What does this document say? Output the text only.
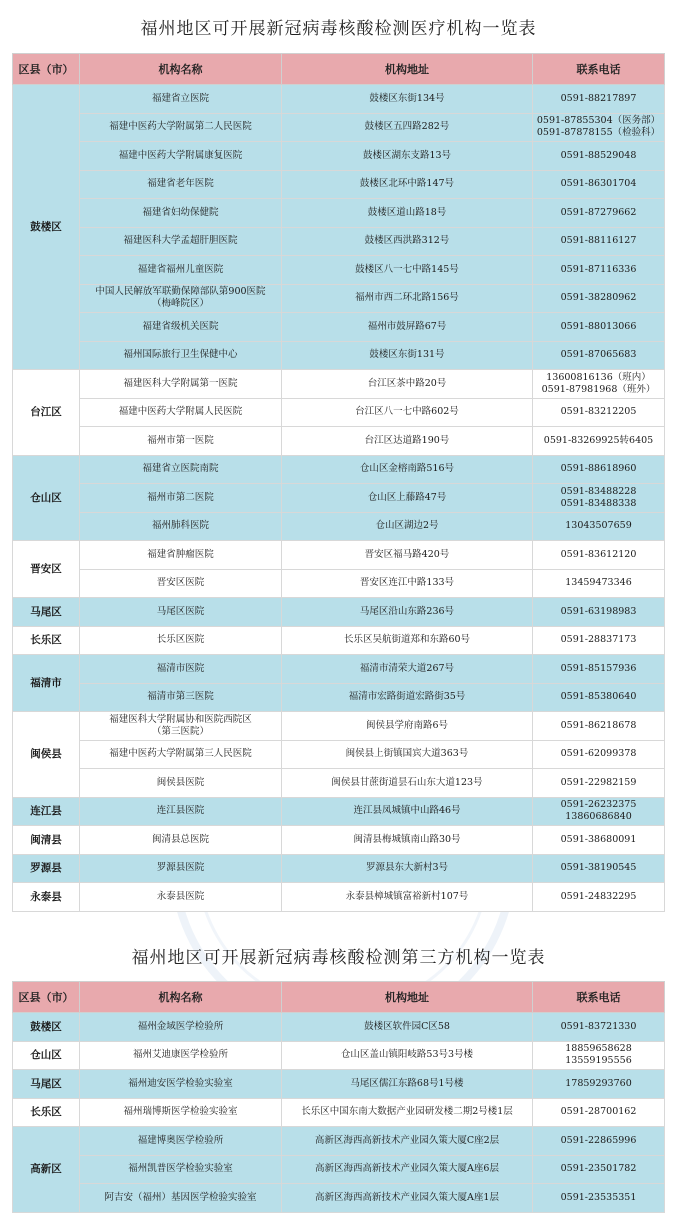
福州地区可开展新冠病毒核酸检测医疗机构一览表
区县（市）	机构名称	机构地址	联系电话
鼓楼区	福建省立医院	鼓楼区东街134号	0591-88217897
	福建中医药大学附属第二人民医院	鼓楼区五四路282号	0591-87855304（医务部）
0591-87878155（检验科）
	福建中医药大学附属康复医院	鼓楼区湖东支路13号	0591-88529048
	福建省老年医院	鼓楼区北环中路147号	0591-86301704
	福建省妇幼保健院	鼓楼区道山路18号	0591-87279662
	福建医科大学孟超肝胆医院	鼓楼区西洪路312号	0591-88116127
	福建省福州儿童医院	鼓楼区八一七中路145号	0591-87116336
	中国人民解放军联勤保障部队第900医院
（梅峰院区）	福州市西二环北路156号	0591-38280962
	福建省级机关医院	福州市鼓屏路67号	0591-88013066
	福州国际旅行卫生保健中心	鼓楼区东街131号	0591-87065683
台江区	福建医科大学附属第一医院	台江区茶中路20号	13600816136（班内）
0591-87981968（班外）
	福建中医药大学附属人民医院	台江区八一七中路602号	0591-83212205
	福州市第一医院	台江区达道路190号	0591-83269925转6405
仓山区	福建省立医院南院	仓山区金榕南路516号	0591-88618960
	福州市第二医院	仓山区上藤路47号	0591-83488228
0591-83488338
	福州肺科医院	仓山区湖边2号	13043507659
晋安区	福建省肿瘤医院	晋安区福马路420号	0591-83612120
	晋安区医院	晋安区连江中路133号	13459473346
马尾区	马尾区医院	马尾区沿山东路236号	0591-63198983
长乐区	长乐区医院	长乐区吴航街道郑和东路60号	0591-28837173
福清市	福清市医院	福清市清荣大道267号	0591-85157936
	福清市第三医院	福清市宏路街道宏路街35号	0591-85380640
闽侯县	福建医科大学附属协和医院西院区
（第三医院）	闽侯县学府南路6号	0591-86218678
	福建中医药大学附属第三人民医院	闽侯县上街镇国宾大道363号	0591-62099378
	闽侯县医院	闽侯县甘蔗街道昙石山东大道123号	0591-22982159
连江县	连江县医院	连江县凤城镇中山路46号	0591-26232375
13860686840
闽清县	闽清县总医院	闽清县梅城镇南山路30号	0591-38680091
罗源县	罗源县医院	罗源县东大新村3号	0591-38190545
永泰县	永泰县医院	永泰县樟城镇富裕新村107号	0591-24832295
福州地区可开展新冠病毒核酸检测第三方机构一览表
区县（市）	机构名称	机构地址	联系电话
鼓楼区	福州金域医学检验所	鼓楼区软件园C区58	0591-83721330
仓山区	福州艾迪康医学检验所	仓山区盖山镇阳岐路53号3号楼	18859658628
13559195556
马尾区	福州迪安医学检验实验室	马尾区儒江东路68号1号楼	17859293760
长乐区	福州瑞博斯医学检验实验室	长乐区中国东南大数据产业园研发楼二期2号楼1层	0591-28700162
高新区	福建博奥医学检验所	高新区海西高新技术产业园久策大厦C座2层	0591-22865996
	福州凯普医学检验实验室	高新区海西高新技术产业园久策大厦A座6层	0591-23501782
	阿吉安（福州）基因医学检验实验室	高新区海西高新技术产业园久策大厦A座1层	0591-23535351
